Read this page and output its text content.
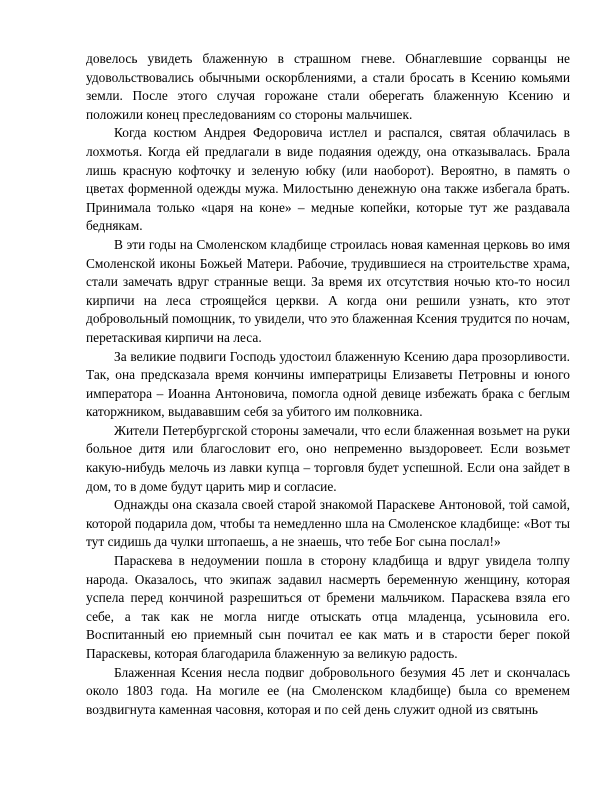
довелось увидеть блаженную в страшном гневе. Обнаглевшие сорванцы не удовольствовались обычными оскорблениями, а стали бросать в Ксению комьями земли. После этого случая горожане стали оберегать блаженную Ксению и положили конец преследованиям со стороны мальчишек.

Когда костюм Андрея Федоровича истлел и распался, святая облачилась в лохмотья. Когда ей предлагали в виде подаяния одежду, она отказывалась. Брала лишь красную кофточку и зеленую юбку (или наоборот). Вероятно, в память о цветах форменной одежды мужа. Милостыню денежную она также избегала брать. Принимала только «царя на коне» – медные копейки, которые тут же раздавала беднякам.

В эти годы на Смоленском кладбище строилась новая каменная церковь во имя Смоленской иконы Божьей Матери. Рабочие, трудившиеся на строительстве храма, стали замечать вдруг странные вещи. За время их отсутствия ночью кто-то носил кирпичи на леса строящейся церкви. А когда они решили узнать, кто этот добровольный помощник, то увидели, что это блаженная Ксения трудится по ночам, перетаскивая кирпичи на леса.

За великие подвиги Господь удостоил блаженную Ксению дара прозорливости. Так, она предсказала время кончины императрицы Елизаветы Петровны и юного императора – Иоанна Антоновича, помогла одной девице избежать брака с беглым каторжником, выдававшим себя за убитого им полковника.

Жители Петербургской стороны замечали, что если блаженная возьмет на руки больное дитя или благословит его, оно непременно выздоровеет. Если возьмет какую-нибудь мелочь из лавки купца – торговля будет успешной. Если она зайдет в дом, то в доме будут царить мир и согласие.

Однажды она сказала своей старой знакомой Параскеве Антоновой, той самой, которой подарила дом, чтобы та немедленно шла на Смоленское кладбище: «Вот ты тут сидишь да чулки штопаешь, а не знаешь, что тебе Бог сына послал!»

Параскева в недоумении пошла в сторону кладбища и вдруг увидела толпу народа. Оказалось, что экипаж задавил насмерть беременную женщину, которая успела перед кончиной разрешиться от бремени мальчиком. Параскева взяла его себе, а так как не могла нигде отыскать отца младенца, усыновила его. Воспитанный ею приемный сын почитал ее как мать и в старости берег покой Параскевы, которая благодарила блаженную за великую радость.

Блаженная Ксения несла подвиг добровольного безумия 45 лет и скончалась около 1803 года. На могиле ее (на Смоленском кладбище) была со временем воздвигнута каменная часовня, которая и по сей день служит одной из святынь
